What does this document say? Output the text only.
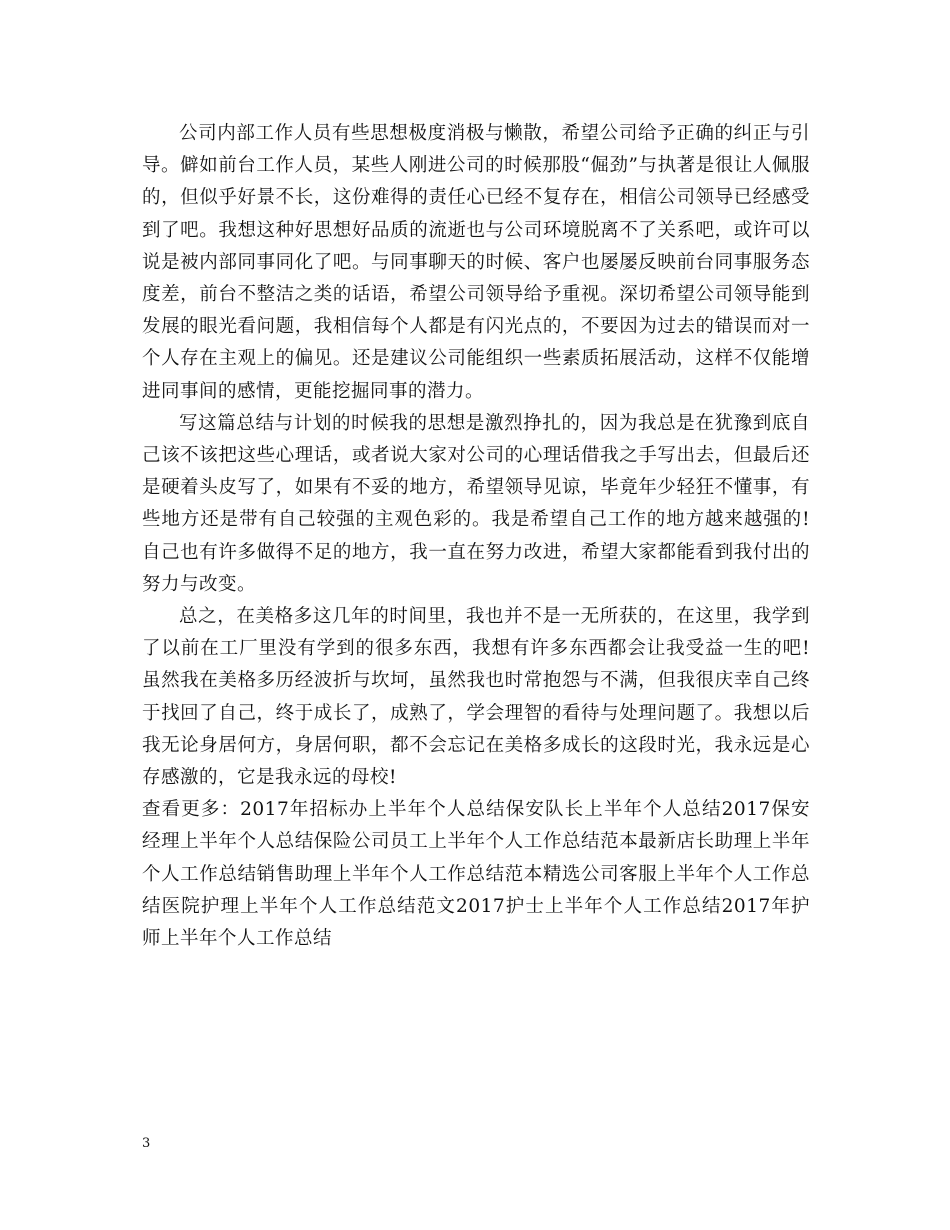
公司内部工作人员有些思想极度消极与懒散，希望公司给予正确的纠正与引导。僻如前台工作人员，某些人刚进公司的时候那股“倔劲”与执著是很让人佩服的，但似乎好景不长，这份难得的责任心已经不复存在，相信公司领导已经感受到了吧。我想这种好思想好品质的流逝也与公司环境脱离不了关系吧，或许可以说是被内部同事同化了吧。与同事聊天的时候、客户也屡屡反映前台同事服务态度差，前台不整洁之类的话语，希望公司领导给予重视。深切希望公司领导能到发展的眼光看问题，我相信每个人都是有闪光点的，不要因为过去的错误而对一个人存在主观上的偏见。还是建议公司能组织一些素质拓展活动，这样不仅能增进同事间的感情，更能挖掘同事的潜力。

写这篇总结与计划的时候我的思想是激烈挣扎的，因为我总是在犹豫到底自己该不该把这些心理话，或者说大家对公司的心理话借我之手写出去，但最后还是硬着头皮写了，如果有不妥的地方，希望领导见谅，毕竟年少轻狂不懂事，有些地方还是带有自己较强的主观色彩的。我是希望自己工作的地方越来越强的!自己也有许多做得不足的地方，我一直在努力改进，希望大家都能看到我付出的努力与改变。

总之，在美格多这几年的时间里，我也并不是一无所获的，在这里，我学到了以前在工厂里没有学到的很多东西，我想有许多东西都会让我受益一生的吧!虽然我在美格多历经波折与坎坷，虽然我也时常抱怨与不满，但我很庆幸自己终于找回了自己，终于成长了，成熟了，学会理智的看待与处理问题了。我想以后我无论身居何方，身居何职，都不会忘记在美格多成长的这段时光，我永远是心存感激的，它是我永远的母校!

查看更多：2017年招标办上半年个人总结保安队长上半年个人总结2017保安经理上半年个人总结保险公司员工上半年个人工作总结范本最新店长助理上半年个人工作总结销售助理上半年个人工作总结范本精选公司客服上半年个人工作总结医院护理上半年个人工作总结范文2017护士上半年个人工作总结2017年护师上半年个人工作总结

3
